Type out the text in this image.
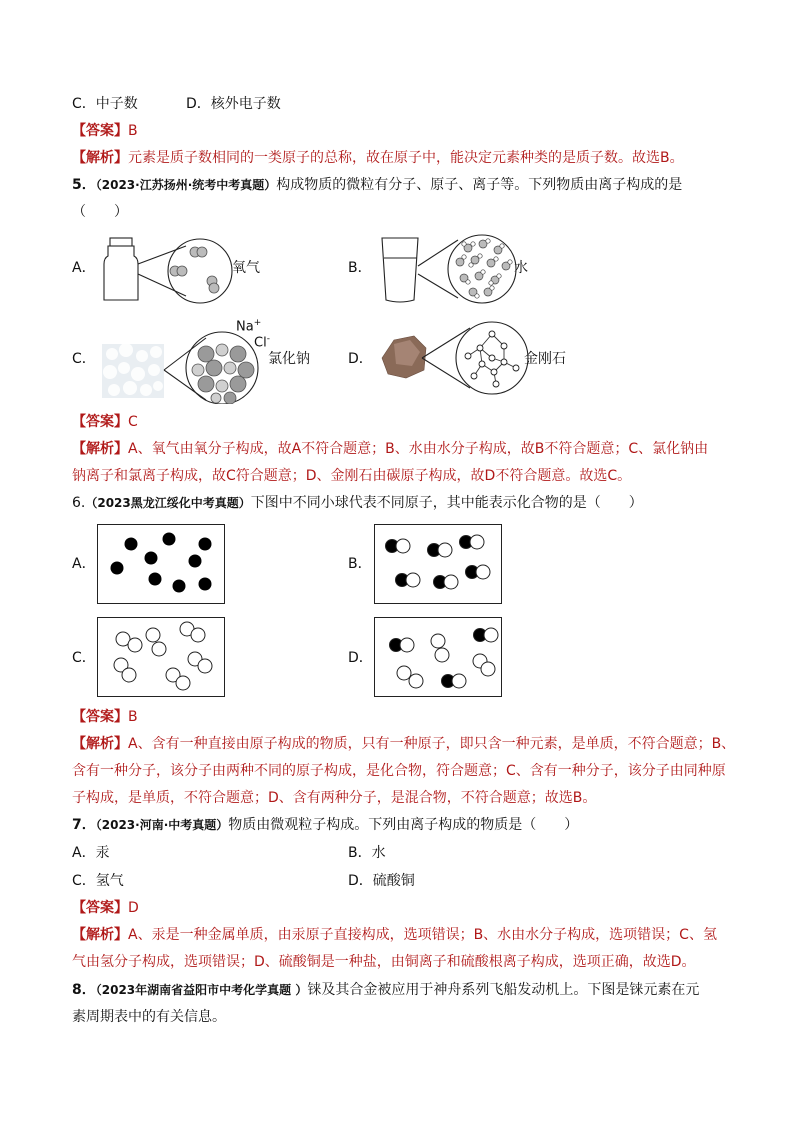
C．中子数	D．核外电子数
【答案】B
【解析】元素是质子数相同的一类原子的总称，故在原子中，能决定元素种类的是质子数。故选B。
5．（2023·江苏扬州·统考中考真题）构成物质的微粒有分子、原子、离子等。下列物质由离子构成的是
（　　）
A．	氧气	B．	水
C．
Na+
Cl-
氯化钠	D．	金刚石
【答案】C
【解析】A、氧气由氧分子构成，故A不符合题意；B、水由水分子构成，故B不符合题意；C、氯化钠由
钠离子和氯离子构成，故C符合题意；D、金刚石由碳原子构成，故D不符合题意。故选C。
6.（2023黑龙江绥化中考真题）下图中不同小球代表不同原子，其中能表示化合物的是（　　）
A．	B．
C．	D．
【答案】B
【解析】A、含有一种直接由原子构成的物质，只有一种原子，即只含一种元素，是单质，不符合题意；B、
含有一种分子，该分子由两种不同的原子构成，是化合物，符合题意；C、含有一种分子，该分子由同种原
子构成，是单质，不符合题意；D、含有两种分子，是混合物，不符合题意；故选B。
7．（2023·河南·中考真题）物质由微观粒子构成。下列由离子构成的物质是（　　）
A．汞	B．水
C．氢气	D．硫酸铜
【答案】D
【解析】A、汞是一种金属单质，由汞原子直接构成，选项错误；B、水由水分子构成，选项错误；C、氢
气由氢分子构成，选项错误；D、硫酸铜是一种盐，由铜离子和硫酸根离子构成，选项正确，故选D。
8．（2023年湖南省益阳市中考化学真题 ）铼及其合金被应用于神舟系列飞船发动机上。下图是铼元素在元
素周期表中的有关信息。
